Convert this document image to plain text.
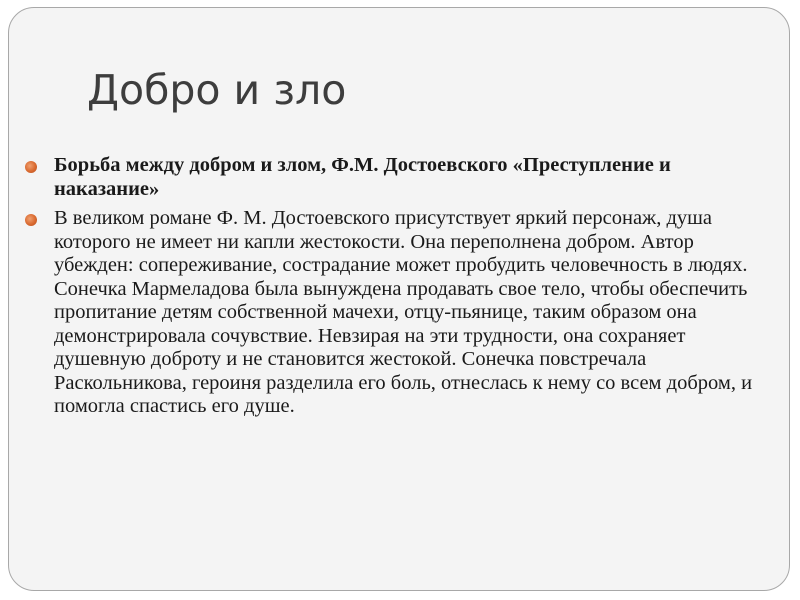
Добро и зло
Борьба между добром и злом, Ф.М. Достоевского «Преступление и наказание»
В великом романе Ф. М. Достоевского присутствует яркий персонаж, душа которого не имеет ни капли жестокости. Она переполнена добром. Автор убежден: сопереживание, сострадание может пробудить человечность в людях. Сонечка Мармеладова была вынуждена продавать свое тело, чтобы обеспечить пропитание детям собственной мачехи, отцу-пьянице, таким образом она демонстрировала сочувствие. Невзирая на эти трудности, она сохраняет душевную доброту и не становится жестокой. Сонечка повстречала Раскольникова, героиня разделила его боль, отнеслась к нему со всем добром, и помогла спастись его душе.
